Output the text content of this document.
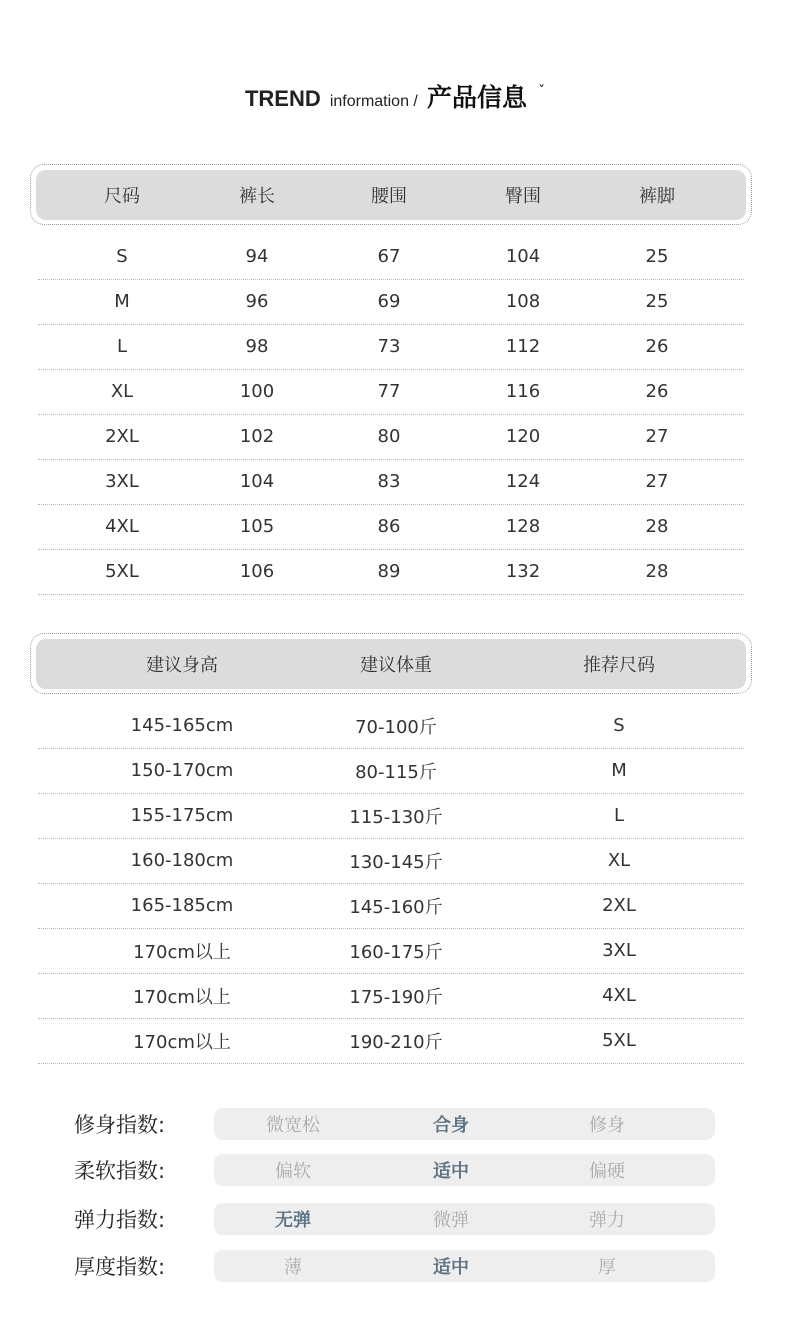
TREND information / 产品信息 ˇ
尺码	裤长	腰围	臀围	裤脚
S	94	67	104	25
M	96	69	108	25
L	98	73	112	26
XL	100	77	116	26
2XL	102	80	120	27
3XL	104	83	124	27
4XL	105	86	128	28
5XL	106	89	132	28
建议身高	建议体重	推荐尺码
145-165cm	70-100斤	S
150-170cm	80-115斤	M
155-175cm	115-130斤	L
160-180cm	130-145斤	XL
165-185cm	145-160斤	2XL
170cm以上	160-175斤	3XL
170cm以上	175-190斤	4XL
170cm以上	190-210斤	5XL
修身指数:	微宽松	合身	修身
柔软指数:	偏软	适中	偏硬
弹力指数:	无弹	微弹	弹力
厚度指数:	薄	适中	厚
